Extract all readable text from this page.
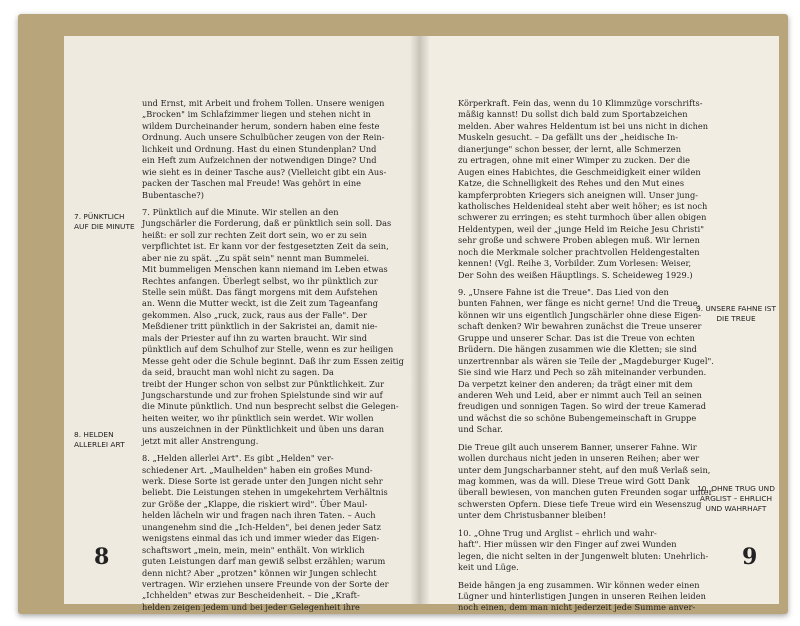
7. PÜNKTLICH AUF DIE MINUTE
8. HELDEN ALLERLEI ART
und Ernst, mit Arbeit und frohem Tollen. Unsere wenigen
„Brocken" im Schlafzimmer liegen und stehen nicht in
wildem Durcheinander herum, sondern haben eine feste
Ordnung. Auch unsere Schulbücher zeugen von der Rein-
lichkeit und Ordnung. Hast du einen Stundenplan? Und
ein Heft zum Aufzeichnen der notwendigen Dinge? Und
wie sieht es in deiner Tasche aus? (Vielleicht gibt ein Aus-
packen der Taschen mal Freude! Was gehört in eine
Bubentasche?)
7. Pünktlich auf die Minute. Wir stellen an den
Jungschärler die Forderung, daß er pünktlich sein soll. Das
heißt: er soll zur rechten Zeit dort sein, wo er zu sein
verpflichtet ist. Er kann vor der festgesetzten Zeit da sein,
aber nie zu spät. „Zu spät sein" nennt man Bummelei.
Mit bummeligen Menschen kann niemand im Leben etwas
Rechtes anfangen. Überlegt selbst, wo ihr pünktlich zur
Stelle sein müßt. Das fängt morgens mit dem Aufstehen
an. Wenn die Mutter weckt, ist die Zeit zum Tageanfang
gekommen. Also „ruck, zuck, raus aus der Falle". Der
Meßdiener tritt pünktlich in der Sakristei an, damit nie-
mals der Priester auf ihn zu warten braucht. Wir sind
pünktlich auf dem Schulhof zur Stelle, wenn es zur heiligen
Messe geht oder die Schule beginnt. Daß ihr zum Essen zeitig
da seid, braucht man wohl nicht zu sagen. Da
treibt der Hunger schon von selbst zur Pünktlichkeit. Zur
Jungscharstunde und zur frohen Spielstunde sind wir auf
die Minute pünktlich. Und nun besprecht selbst die Gelegen-
heiten weiter, wo ihr pünktlich sein werdet. Wir wollen
uns auszeichnen in der Pünktlichkeit und üben uns daran
jetzt mit aller Anstrengung.
8. „Helden allerlei Art". Es gibt „Helden" ver-
schiedener Art. „Maulhelden" haben ein großes Mund-
werk. Diese Sorte ist gerade unter den Jungen nicht sehr
beliebt. Die Leistungen stehen in umgekehrtem Verhältnis
zur Größe der „Klappe, die riskiert wird". Über Maul-
helden lächeln wir und fragen nach ihren Taten. – Auch
unangenehm sind die „Ich-Helden", bei denen jeder Satz
wenigstens einmal das ich und immer wieder das Eigen-
schaftswort „mein, mein, mein" enthält. Von wirklich
guten Leistungen darf man gewiß selbst erzählen; warum
denn nicht? Aber „protzen" können wir Jungen schlecht
vertragen. Wir erziehen unsere Freunde von der Sorte der
„Ichhelden" etwas zur Bescheidenheit. – Die „Kraft-
helden zeigen jedem und bei jeder Gelegenheit ihre
8
9. UNSERE FAHNE IST DIE TREUE
10. OHNE TRUG UND ARGLIST – EHRLICH UND WAHRHAFT
Körperkraft. Fein das, wenn du 10 Klimmzüge vorschrifts-
mäßig kannst! Du sollst dich bald zum Sportabzeichen
melden. Aber wahres Heldentum ist bei uns nicht in dichen
Muskeln gesucht. – Da gefällt uns der „heidische In-
dianerjunge" schon besser, der lernt, alle Schmerzen
zu ertragen, ohne mit einer Wimper zu zucken. Der die
Augen eines Habichtes, die Geschmeidigkeit einer wilden
Katze, die Schnelligkeit des Rehes und den Mut eines
kampferprobten Kriegers sich aneignen will. Unser jung-
katholisches Heldenideal steht aber weit höher; es ist noch
schwerer zu erringen; es steht turmhoch über allen obigen
Heldentypen, weil der „junge Held im Reiche Jesu Christi"
sehr große und schwere Proben ablegen muß. Wir lernen
noch die Merkmale solcher prachtvollen Heldengestalten
kennen! (Vgl. Reihe 3, Vorbilder. Zum Vorlesen: Weiser,
Der Sohn des weißen Häuptlings. S. Scheideweg 1929.)
9. „Unsere Fahne ist die Treue". Das Lied von den
bunten Fahnen, wer fänge es nicht gerne! Und die Treue,
können wir uns eigentlich Jungschärler ohne diese Eigen-
schaft denken? Wir bewahren zunächst die Treue unserer
Gruppe und unserer Schar. Das ist die Treue von echten
Brüdern. Die hängen zusammen wie die Kletten; sie sind
unzertrennbar als wären sie Teile der „Magdeburger Kugel".
Sie sind wie Harz und Pech so zäh miteinander verbunden.
Da verpetzt keiner den anderen; da trägt einer mit dem
anderen Weh und Leid, aber er nimmt auch Teil an seinen
freudigen und sonnigen Tagen. So wird der treue Kamerad
und wächst die so schöne Bubengemeinschaft in Gruppe
und Schar.
Die Treue gilt auch unserem Banner, unserer Fahne. Wir
wollen durchaus nicht jeden in unseren Reihen; aber wer
unter dem Jungscharbanner steht, auf den muß Verlaß sein,
mag kommen, was da will. Diese Treue wird Gott Dank
überall bewiesen, von manchen guten Freunden sogar unter
schwersten Opfern. Diese tiefe Treue wird ein Wesenszug
unter dem Christusbanner bleiben!
10. „Ohne Trug und Arglist – ehrlich und wahr-
haft". Hier müssen wir den Finger auf zwei Wunden
legen, die nicht selten in der Jungenwelt bluten: Unehrlich-
keit und Lüge.
Beide hängen ja eng zusammen. Wir können weder einen
Lügner und hinterlistigen Jungen in unseren Reihen leiden
noch einen, dem man nicht jederzeit jede Summe anver-
9
